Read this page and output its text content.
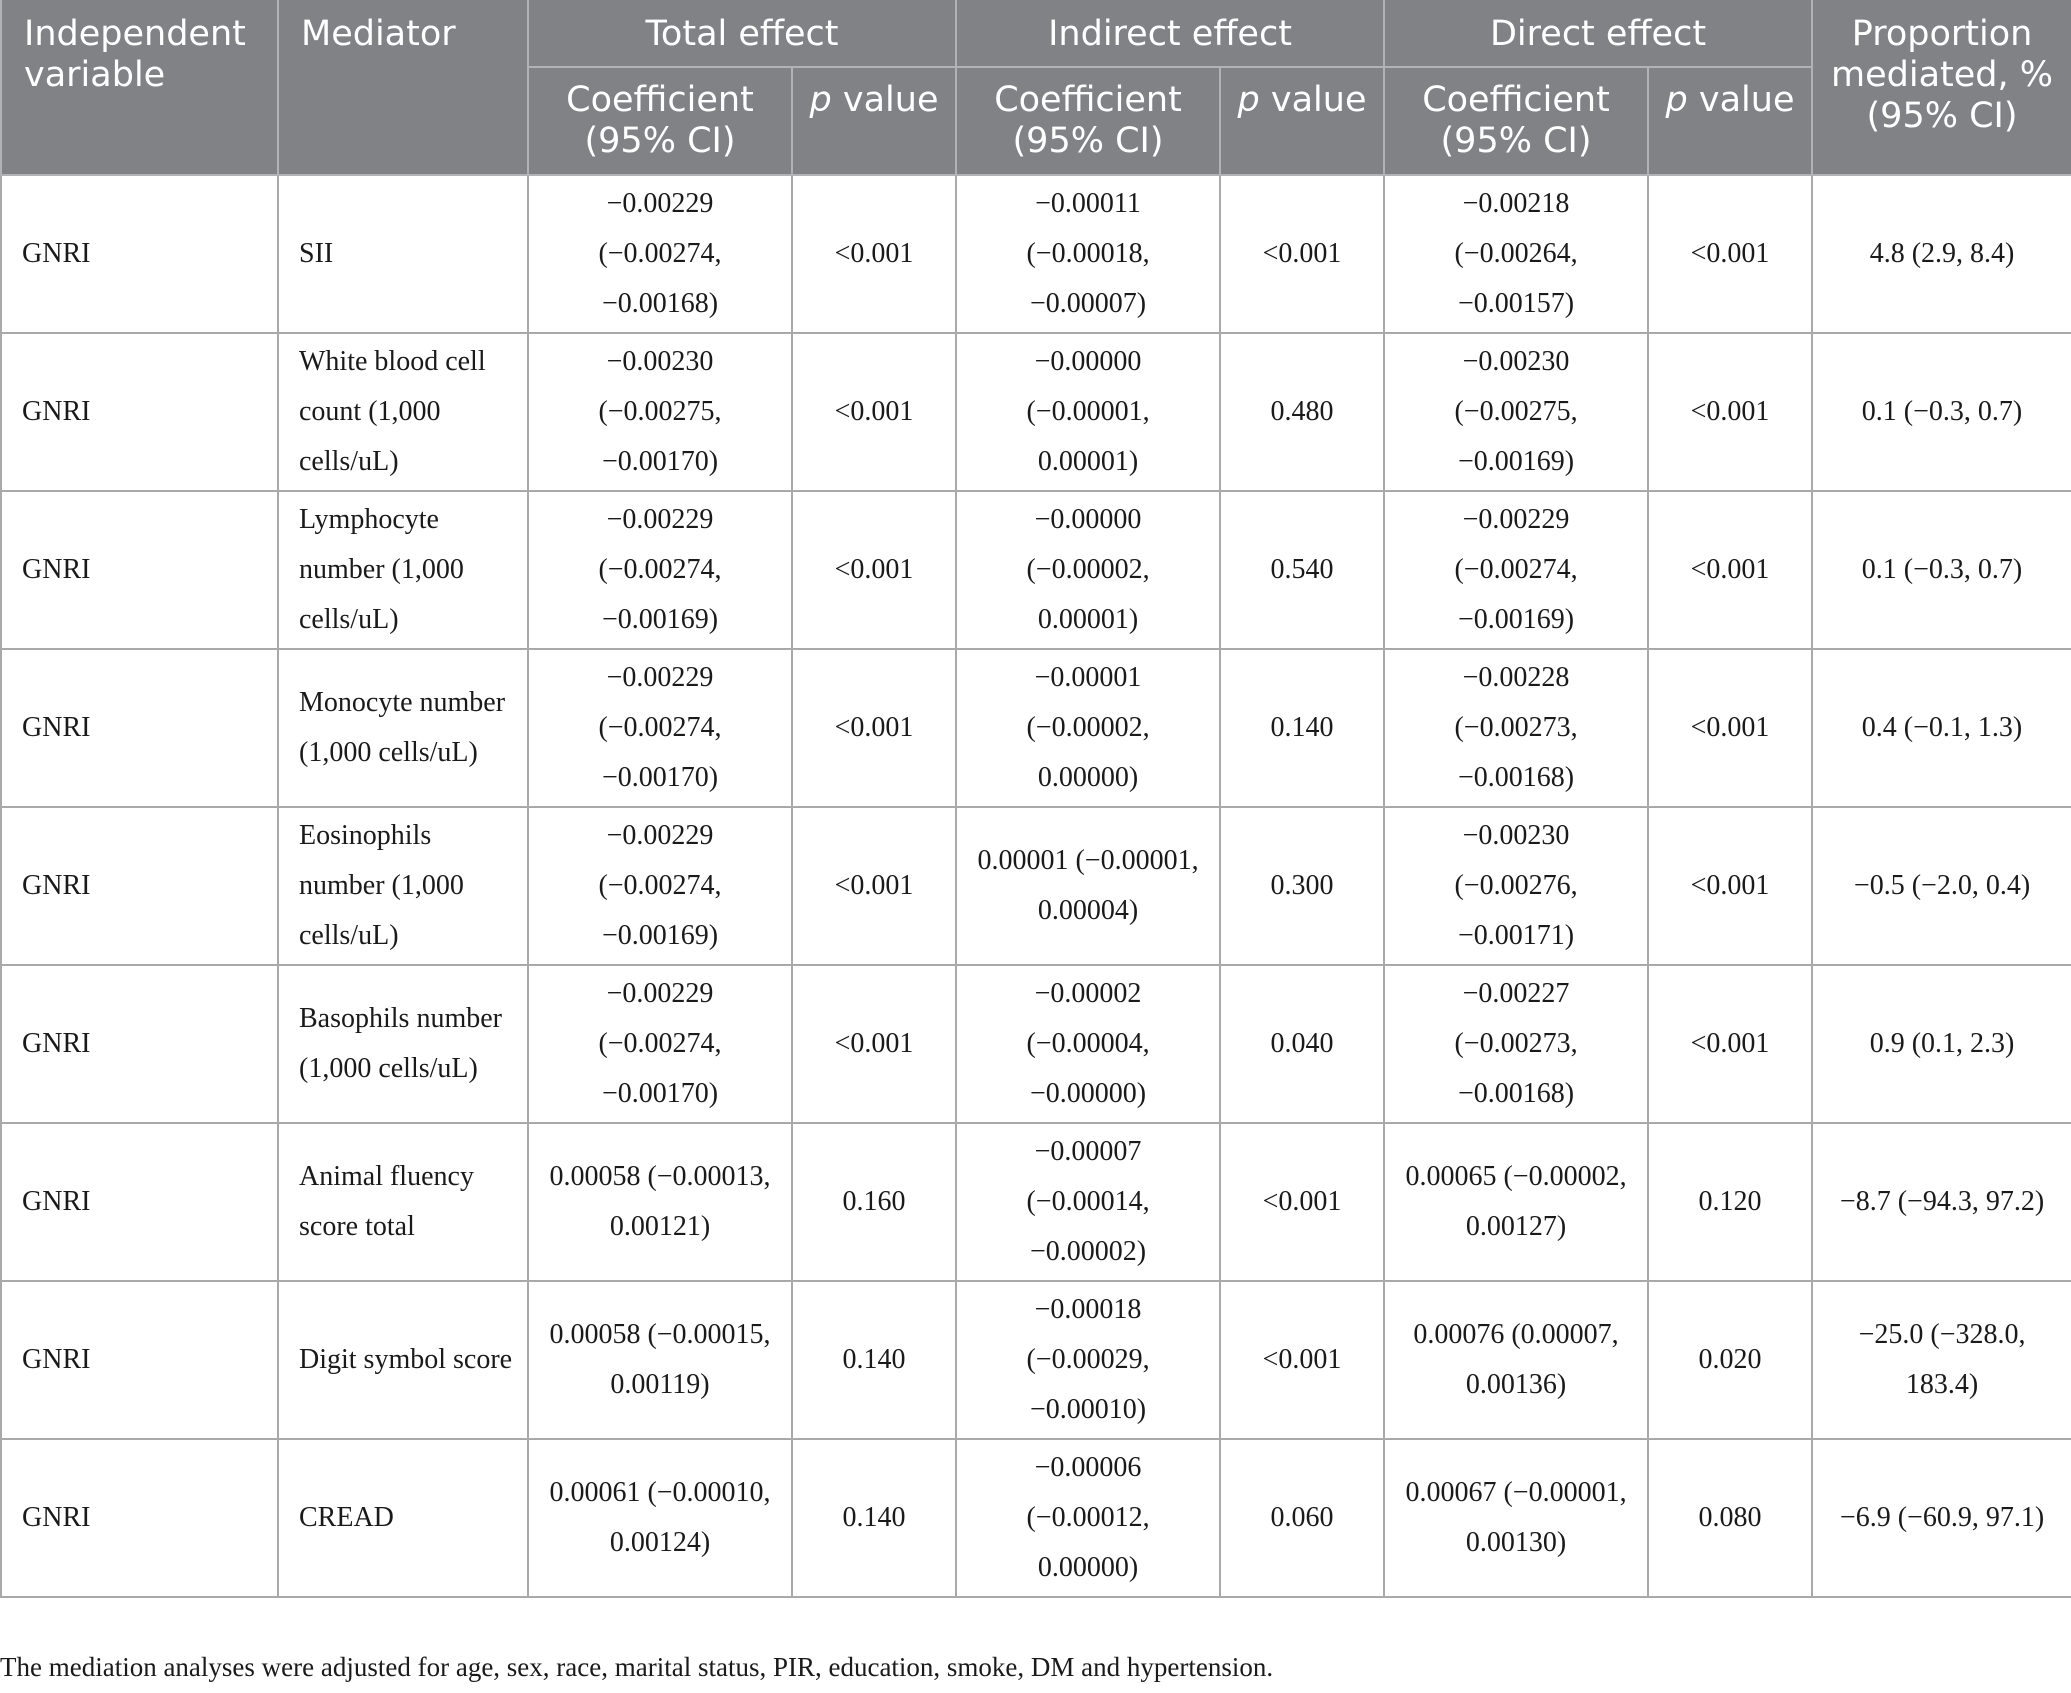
Independent variable	Mediator	Total effect		Indirect effect		Direct effect		Proportion mediated, % (95% CI)
		Coefficient (95% CI)	p value	Coefficient (95% CI)	p value	Coefficient (95% CI)	p value	
GNRI	SII	−0.00229 (−0.00274, −0.00168)	<0.001	−0.00011 (−0.00018, −0.00007)	<0.001	−0.00218 (−0.00264, −0.00157)	<0.001	4.8 (2.9, 8.4)
GNRI	White blood cell count (1,000 cells/uL)	−0.00230 (−0.00275, −0.00170)	<0.001	−0.00000 (−0.00001, 0.00001)	0.480	−0.00230 (−0.00275, −0.00169)	<0.001	0.1 (−0.3, 0.7)
GNRI	Lymphocyte number (1,000 cells/uL)	−0.00229 (−0.00274, −0.00169)	<0.001	−0.00000 (−0.00002, 0.00001)	0.540	−0.00229 (−0.00274, −0.00169)	<0.001	0.1 (−0.3, 0.7)
GNRI	Monocyte number (1,000 cells/uL)	−0.00229 (−0.00274, −0.00170)	<0.001	−0.00001 (−0.00002, 0.00000)	0.140	−0.00228 (−0.00273, −0.00168)	<0.001	0.4 (−0.1, 1.3)
GNRI	Eosinophils number (1,000 cells/uL)	−0.00229 (−0.00274, −0.00169)	<0.001	0.00001 (−0.00001, 0.00004)	0.300	−0.00230 (−0.00276, −0.00171)	<0.001	−0.5 (−2.0, 0.4)
GNRI	Basophils number (1,000 cells/uL)	−0.00229 (−0.00274, −0.00170)	<0.001	−0.00002 (−0.00004, −0.00000)	0.040	−0.00227 (−0.00273, −0.00168)	<0.001	0.9 (0.1, 2.3)
GNRI	Animal fluency score total	0.00058 (−0.00013, 0.00121)	0.160	−0.00007 (−0.00014, −0.00002)	<0.001	0.00065 (−0.00002, 0.00127)	0.120	−8.7 (−94.3, 97.2)
GNRI	Digit symbol score	0.00058 (−0.00015, 0.00119)	0.140	−0.00018 (−0.00029, −0.00010)	<0.001	0.00076 (0.00007, 0.00136)	0.020	−25.0 (−328.0, 183.4)
GNRI	CREAD	0.00061 (−0.00010, 0.00124)	0.140	−0.00006 (−0.00012, 0.00000)	0.060	0.00067 (−0.00001, 0.00130)	0.080	−6.9 (−60.9, 97.1)
The mediation analyses were adjusted for age, sex, race, marital status, PIR, education, smoke, DM and hypertension.
